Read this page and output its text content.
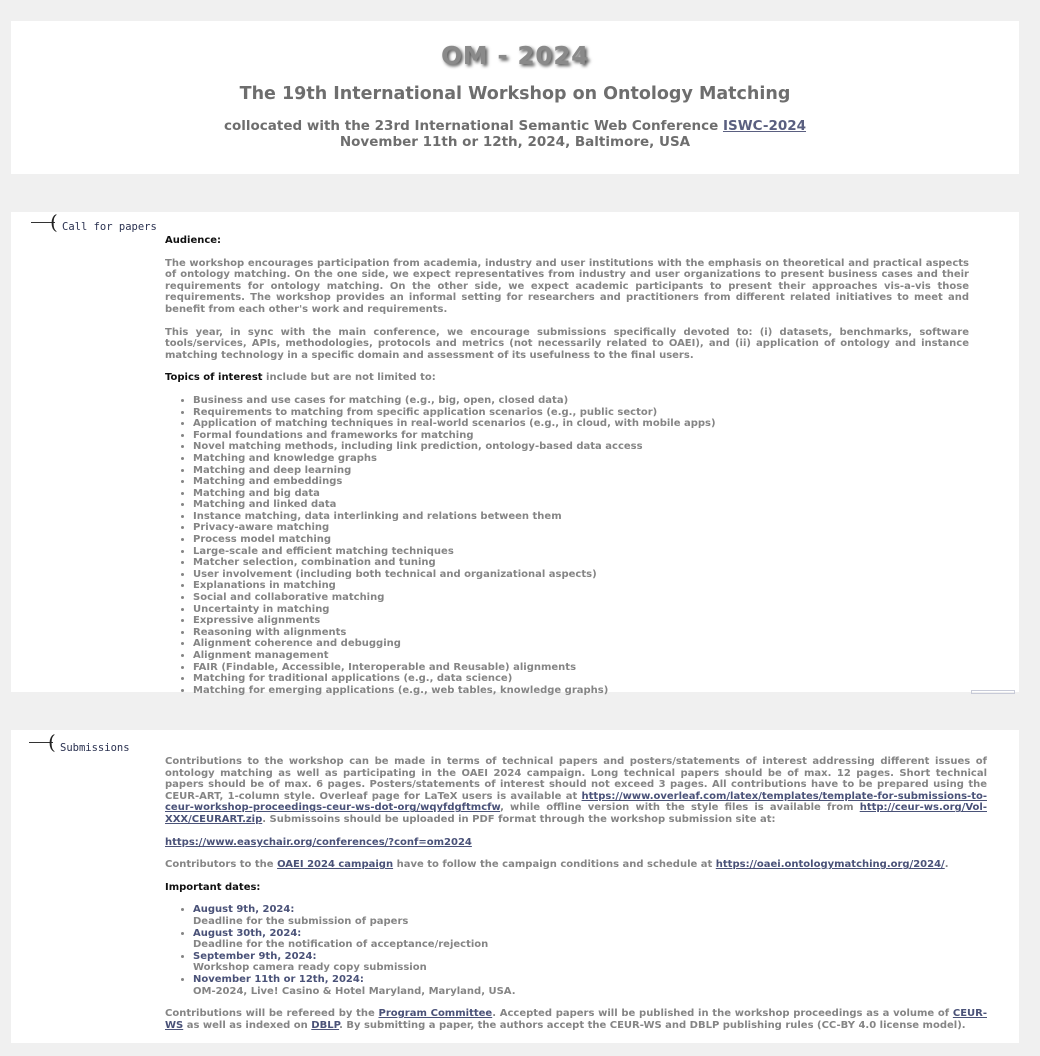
OM - 2024
The 19th International Workshop on Ontology Matching
collocated with the 23rd International Semantic Web Conference ISWC-2024
November 11th or 12th, 2024, Baltimore, USA
( Call for papers

Audience:

The workshop encourages participation from academia, industry and user institutions with the emphasis on theoretical and practical aspects of ontology matching. On the one side, we expect representatives from industry and user organizations to present business cases and their requirements for ontology matching. On the other side, we expect academic participants to present their approaches vis-a-vis those requirements. The workshop provides an informal setting for researchers and practitioners from different related initiatives to meet and benefit from each other's work and requirements.

This year, in sync with the main conference, we encourage submissions specifically devoted to: (i) datasets, benchmarks, software tools/services, APIs, methodologies, protocols and metrics (not necessarily related to OAEI), and (ii) application of ontology and instance matching technology in a specific domain and assessment of its usefulness to the final users.

Topics of interest include but are not limited to:

• Business and use cases for matching (e.g., big, open, closed data)
• Requirements to matching from specific application scenarios (e.g., public sector)
• Application of matching techniques in real-world scenarios (e.g., in cloud, with mobile apps)
• Formal foundations and frameworks for matching
• Novel matching methods, including link prediction, ontology-based data access
• Matching and knowledge graphs
• Matching and deep learning
• Matching and embeddings
• Matching and big data
• Matching and linked data
• Instance matching, data interlinking and relations between them
• Privacy-aware matching
• Process model matching
• Large-scale and efficient matching techniques
• Matcher selection, combination and tuning
• User involvement (including both technical and organizational aspects)
• Explanations in matching
• Social and collaborative matching
• Uncertainty in matching
• Expressive alignments
• Reasoning with alignments
• Alignment coherence and debugging
• Alignment management
• FAIR (Findable, Accessible, Interoperable and Reusable) alignments
• Matching for traditional applications (e.g., data science)
• Matching for emerging applications (e.g., web tables, knowledge graphs)
( Submissions

Contributions to the workshop can be made in terms of technical papers and posters/statements of interest addressing different issues of ontology matching as well as participating in the OAEI 2024 campaign. Long technical papers should be of max. 12 pages. Short technical papers should be of max. 6 pages. Posters/statements of interest should not exceed 3 pages. All contributions have to be prepared using the CEUR-ART, 1-column style. Overleaf page for LaTeX users is available at https://www.overleaf.com/latex/templates/template-for-submissions-to-ceur-workshop-proceedings-ceur-ws-dot-org/wqyfdgftmcfw, while offline version with the style files is available from http://ceur-ws.org/Vol-XXX/CEURART.zip. Submissoins should be uploaded in PDF format through the workshop submission site at:

https://www.easychair.org/conferences/?conf=om2024

Contributors to the OAEI 2024 campaign have to follow the campaign conditions and schedule at https://oaei.ontologymatching.org/2024/.

Important dates:

• August 9th, 2024:
Deadline for the submission of papers
• August 30th, 2024:
Deadline for the notification of acceptance/rejection
• September 9th, 2024:
Workshop camera ready copy submission
• November 11th or 12th, 2024:
OM-2024, Live! Casino & Hotel Maryland, Maryland, USA.

Contributions will be refereed by the Program Committee. Accepted papers will be published in the workshop proceedings as a volume of CEUR-WS as well as indexed on DBLP. By submitting a paper, the authors accept the CEUR-WS and DBLP publishing rules (CC-BY 4.0 license model).
